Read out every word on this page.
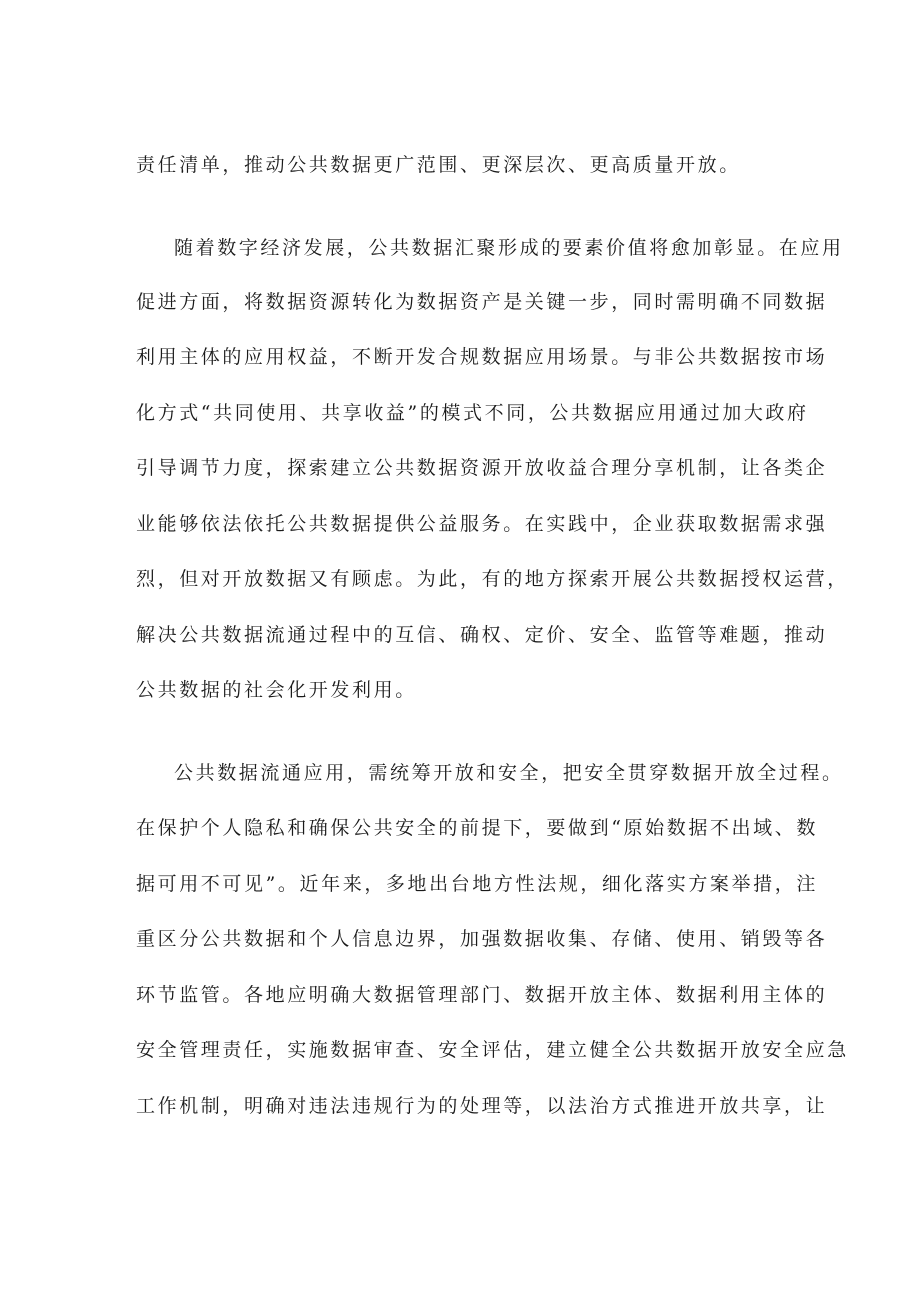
责任清单，推动公共数据更广范围、更深层次、更高质量开放。

随着数字经济发展，公共数据汇聚形成的要素价值将愈加彰显。在应用

促进方面，将数据资源转化为数据资产是关键一步，同时需明确不同数据

利用主体的应用权益，不断开发合规数据应用场景。与非公共数据按市场

化方式“共同使用、共享收益”的模式不同，公共数据应用通过加大政府

引导调节力度，探索建立公共数据资源开放收益合理分享机制，让各类企

业能够依法依托公共数据提供公益服务。在实践中，企业获取数据需求强

烈，但对开放数据又有顾虑。为此，有的地方探索开展公共数据授权运营，

解决公共数据流通过程中的互信、确权、定价、安全、监管等难题，推动

公共数据的社会化开发利用。

公共数据流通应用，需统筹开放和安全，把安全贯穿数据开放全过程。

在保护个人隐私和确保公共安全的前提下，要做到“原始数据不出域、数

据可用不可见”。近年来，多地出台地方性法规，细化落实方案举措，注

重区分公共数据和个人信息边界，加强数据收集、存储、使用、销毁等各

环节监管。各地应明确大数据管理部门、数据开放主体、数据利用主体的

安全管理责任，实施数据审查、安全评估，建立健全公共数据开放安全应急

工作机制，明确对违法违规行为的处理等，以法治方式推进开放共享，让
